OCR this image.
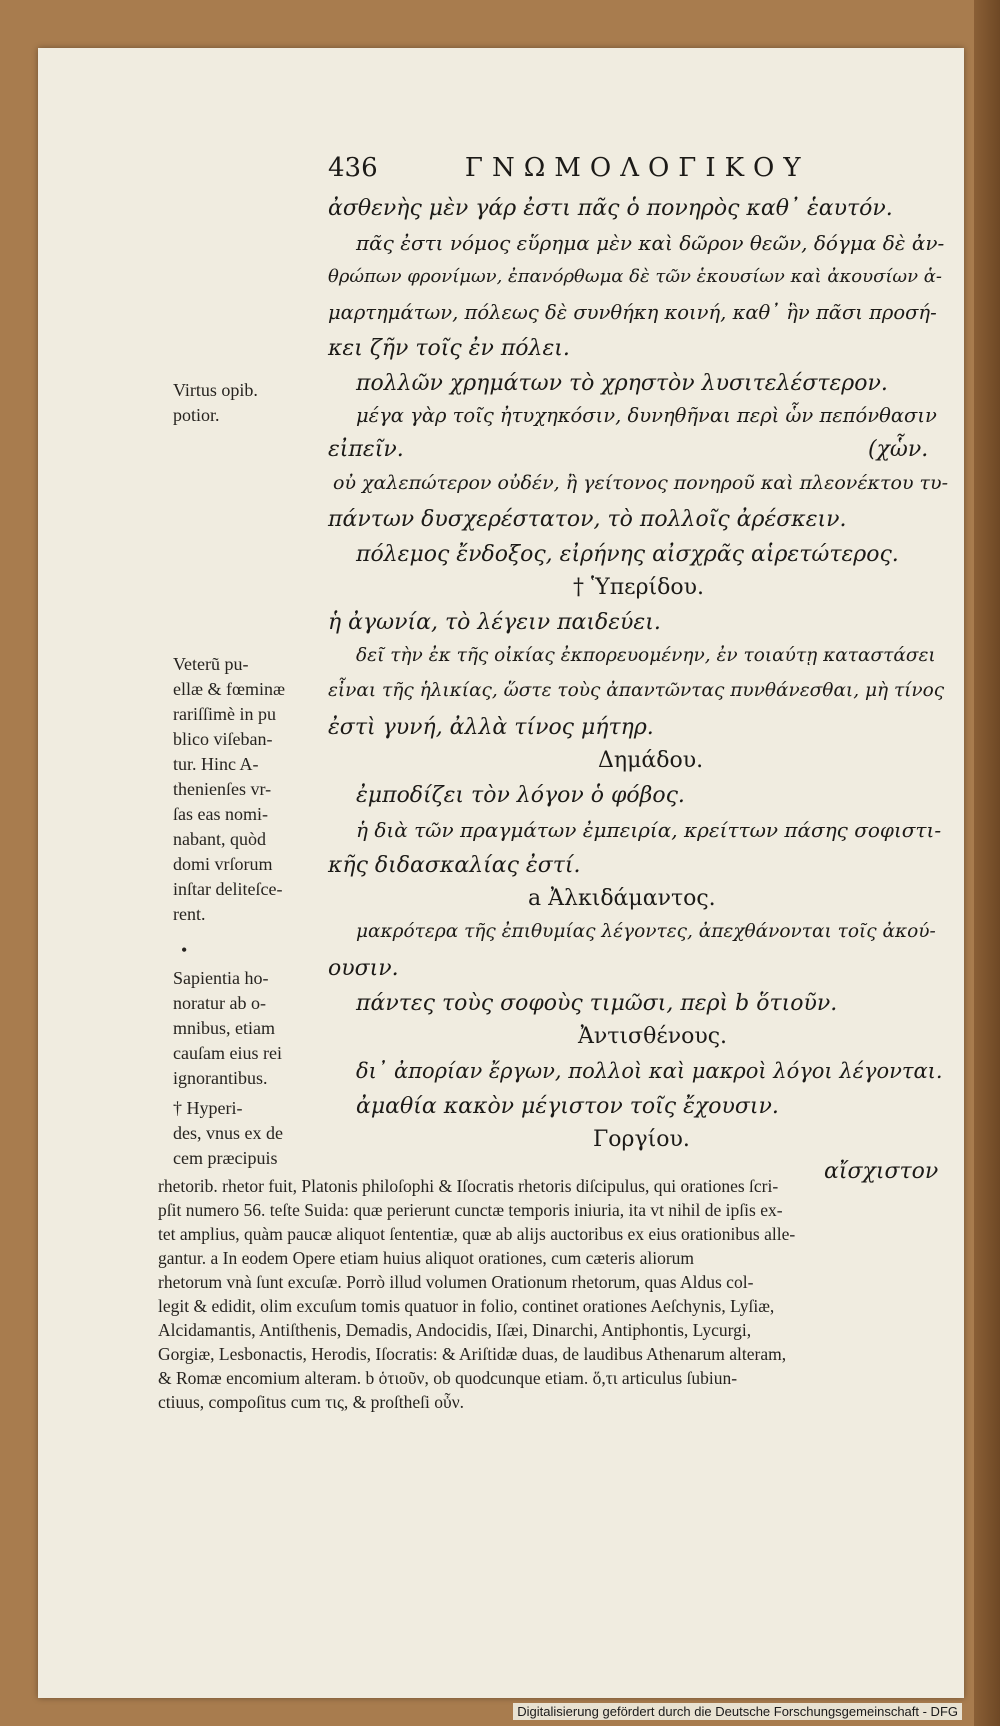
436	ΓΝΩΜΟΛΟΓΙΚΟΥ
ἀσθενὴς μὲν γάρ ἐστι πᾶς ὁ πονηρὸς καθ᾽ ἑαυτόν.
πᾶς ἐστι νόμος εὕρημα μὲν καὶ δῶρον θεῶν, δόγμα δὲ ἀν-
θρώπων φρονίμων, ἐπανόρθωμα δὲ τῶν ἑκουσίων καὶ ἀκουσίων ἁ-
μαρτημάτων, πόλεως δὲ συνθήκη κοινή, καθ᾽ ἣν πᾶσι προσή-
κει ζῆν τοῖς ἐν πόλει.
πολλῶν χρημάτων τὸ χρηστὸν λυσιτελέστερον.
μέγα γὰρ τοῖς ἠτυχηκόσιν, δυνηθῆναι περὶ ὧν πεπόνθασιν
εἰπεῖν.	(χὧν.
οὐ χαλεπώτερον οὐδέν, ἢ γείτονος πονηροῦ καὶ πλεονέκτου τυ-
πάντων δυσχερέστατον, τὸ πολλοῖς ἀρέσκειν.
πόλεμος ἔνδοξος, εἰρήνης αἰσχρᾶς αἱρετώτερος.
† Ὑπερίδου.
ἡ ἀγωνία, τὸ λέγειν παιδεύει.
δεῖ τὴν ἐκ τῆς οἰκίας ἐκπορευομένην, ἐν τοιαύτῃ καταστάσει
εἶναι τῆς ἡλικίας, ὥστε τοὺς ἀπαντῶντας πυνθάνεσθαι, μὴ τίνος
ἐστὶ γυνή, ἀλλὰ τίνος μήτηρ.
Δημάδου.
ἐμποδίζει τὸν λόγον ὁ φόβος.
ἡ διὰ τῶν πραγμάτων ἐμπειρία, κρείττων πάσης σοφιστι-
κῆς διδασκαλίας ἐστί.
a Ἀλκιδάμαντος.
μακρότερα τῆς ἐπιθυμίας λέγοντες, ἀπεχθάνονται τοῖς ἀκού-
ουσιν.
πάντες τοὺς σοφοὺς τιμῶσι, περὶ b ὅτιοῦν.
Ἀντισθένους.
δι᾽ ἀπορίαν ἔργων, πολλοὶ καὶ μακροὶ λόγοι λέγονται.
ἀμαθία κακὸν μέγιστον τοῖς ἔχουσιν.
Γοργίου.
αἴσχιστον
Virtus opib.
potior.
Veterũ pu-
ellæ & fœminæ
rariſſimè in pu
blico viſeban-
tur. Hinc A-
thenienſes vr-
ſas eas nomi-
nabant, quòd
domi vrſorum
inſtar deliteſce-
rent.
•
Sapientia ho-
noratur ab o-
mnibus, etiam
cauſam eius rei
ignorantibus.
† Hyperi-
des, vnus ex de
cem præcipuis
rhetorib. rhetor fuit, Platonis philoſophi & Iſocratis rhetoris diſcipulus, qui orationes ſcri-
pſit numero 56. teſte Suida: quæ perierunt cunctæ temporis iniuria, ita vt nihil de ipſis ex-
tet amplius, quàm paucæ aliquot ſententiæ, quæ ab alijs auctoribus ex eius orationibus alle-
gantur. a In eodem Opere etiam huius aliquot orationes, cum cæteris aliorum
rhetorum vnà ſunt excuſæ. Porrò illud volumen Orationum rhetorum, quas Aldus col-
legit & edidit, olim excuſum tomis quatuor in folio, continet orationes Aeſchynis, Lyſiæ,
Alcidamantis, Antiſthenis, Demadis, Andocidis, Iſæi, Dinarchi, Antiphontis, Lycurgi,
Gorgiæ, Lesbonactis, Herodis, Iſocratis: & Ariſtidæ duas, de laudibus Athenarum alteram,
& Romæ encomium alteram. b ὁτιοῦν, ob quodcunque etiam. ὅ,τι articulus ſubiun-
ctiuus, compoſitus cum τις, & proſtheſi οὖν.
Digitalisierung gefördert durch die Deutsche Forschungsgemeinschaft - DFG
